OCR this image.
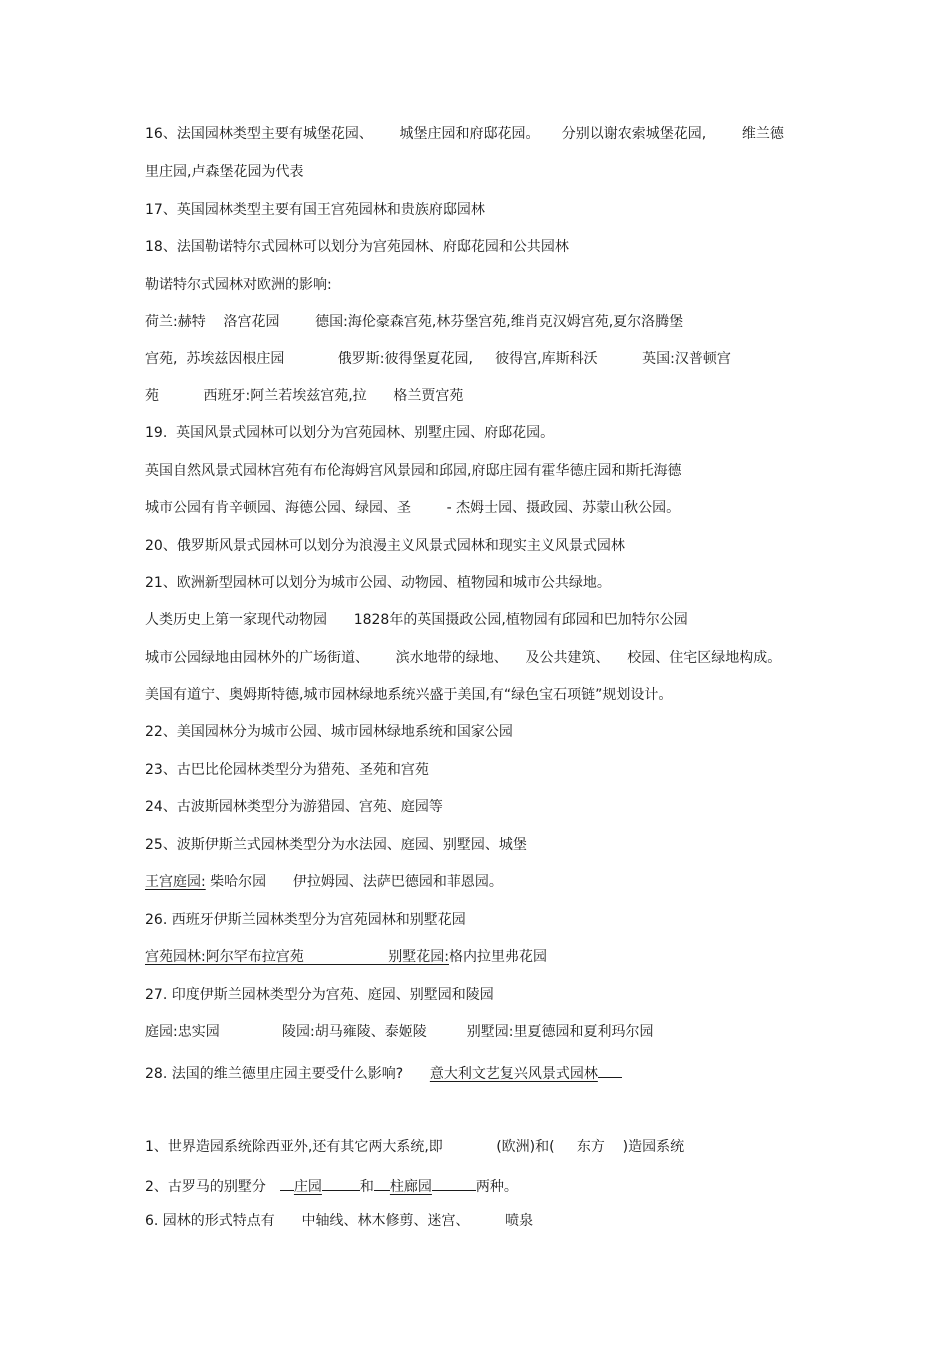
16、法国园林类型主要有城堡花园、      城堡庄园和府邸花园。     分别以谢农索城堡花园,        维兰德
里庄园,卢森堡花园为代表
17、英国园林类型主要有国王宫苑园林和贵族府邸园林
18、法国勒诺特尔式园林可以划分为宫苑园林、府邸花园和公共园林
勒诺特尔式园林对欧洲的影响:
荷兰:赫特    洛宫花园        德国:海伦豪森宫苑,林芬堡宫苑,维肖克汉姆宫苑,夏尔洛腾堡
宫苑,  苏埃兹因根庄园            俄罗斯:彼得堡夏花园,     彼得宫,库斯科沃          英国:汉普顿宫
苑          西班牙:阿兰若埃兹宫苑,拉      格兰贾宫苑
19.  英国风景式园林可以划分为宫苑园林、别墅庄园、府邸花园。
英国自然风景式园林宫苑有布伦海姆宫风景园和邱园,府邸庄园有霍华德庄园和斯托海德
城市公园有肯辛顿园、海德公园、绿园、圣        - 杰姆士园、摄政园、苏蒙山秋公园。
20、俄罗斯风景式园林可以划分为浪漫主义风景式园林和现实主义风景式园林
21、欧洲新型园林可以划分为城市公园、动物园、植物园和城市公共绿地。
人类历史上第一家现代动物园      1828年的英国摄政公园,植物园有邱园和巴加特尔公园
城市公园绿地由园林外的广场街道、      滨水地带的绿地、    及公共建筑、    校园、住宅区绿地构成。
美国有道宁、奥姆斯特德,城市园林绿地系统兴盛于美国,有“绿色宝石项链”规划设计。
22、美国园林分为城市公园、城市园林绿地系统和国家公园
23、古巴比伦园林类型分为猎苑、圣苑和宫苑
24、古波斯园林类型分为游猎园、宫苑、庭园等
25、波斯伊斯兰式园林类型分为水法园、庭园、别墅园、城堡
王宫庭园: 柴哈尔园      伊拉姆园、法萨巴德园和菲恩园。
26. 西班牙伊斯兰园林类型分为宫苑园林和别墅花园
宫苑园林:阿尔罕布拉宫苑                   别墅花园:格内拉里弗花园
27. 印度伊斯兰园林类型分为宫苑、庭园、别墅园和陵园
庭园:忠实园              陵园:胡马雍陵、泰姬陵         别墅园:里夏德园和夏利玛尔园
28. 法国的维兰德里庄园主要受什么影响?      意大利文艺复兴风景式园林
1、世界造园系统除西亚外,还有其它两大系统,即            (欧洲)和(     东方    )造园系统
2、古罗马的别墅分 庄园	和 柱廊园	两种。
6. 园林的形式特点有      中轴线、林木修剪、迷宫、        喷泉
